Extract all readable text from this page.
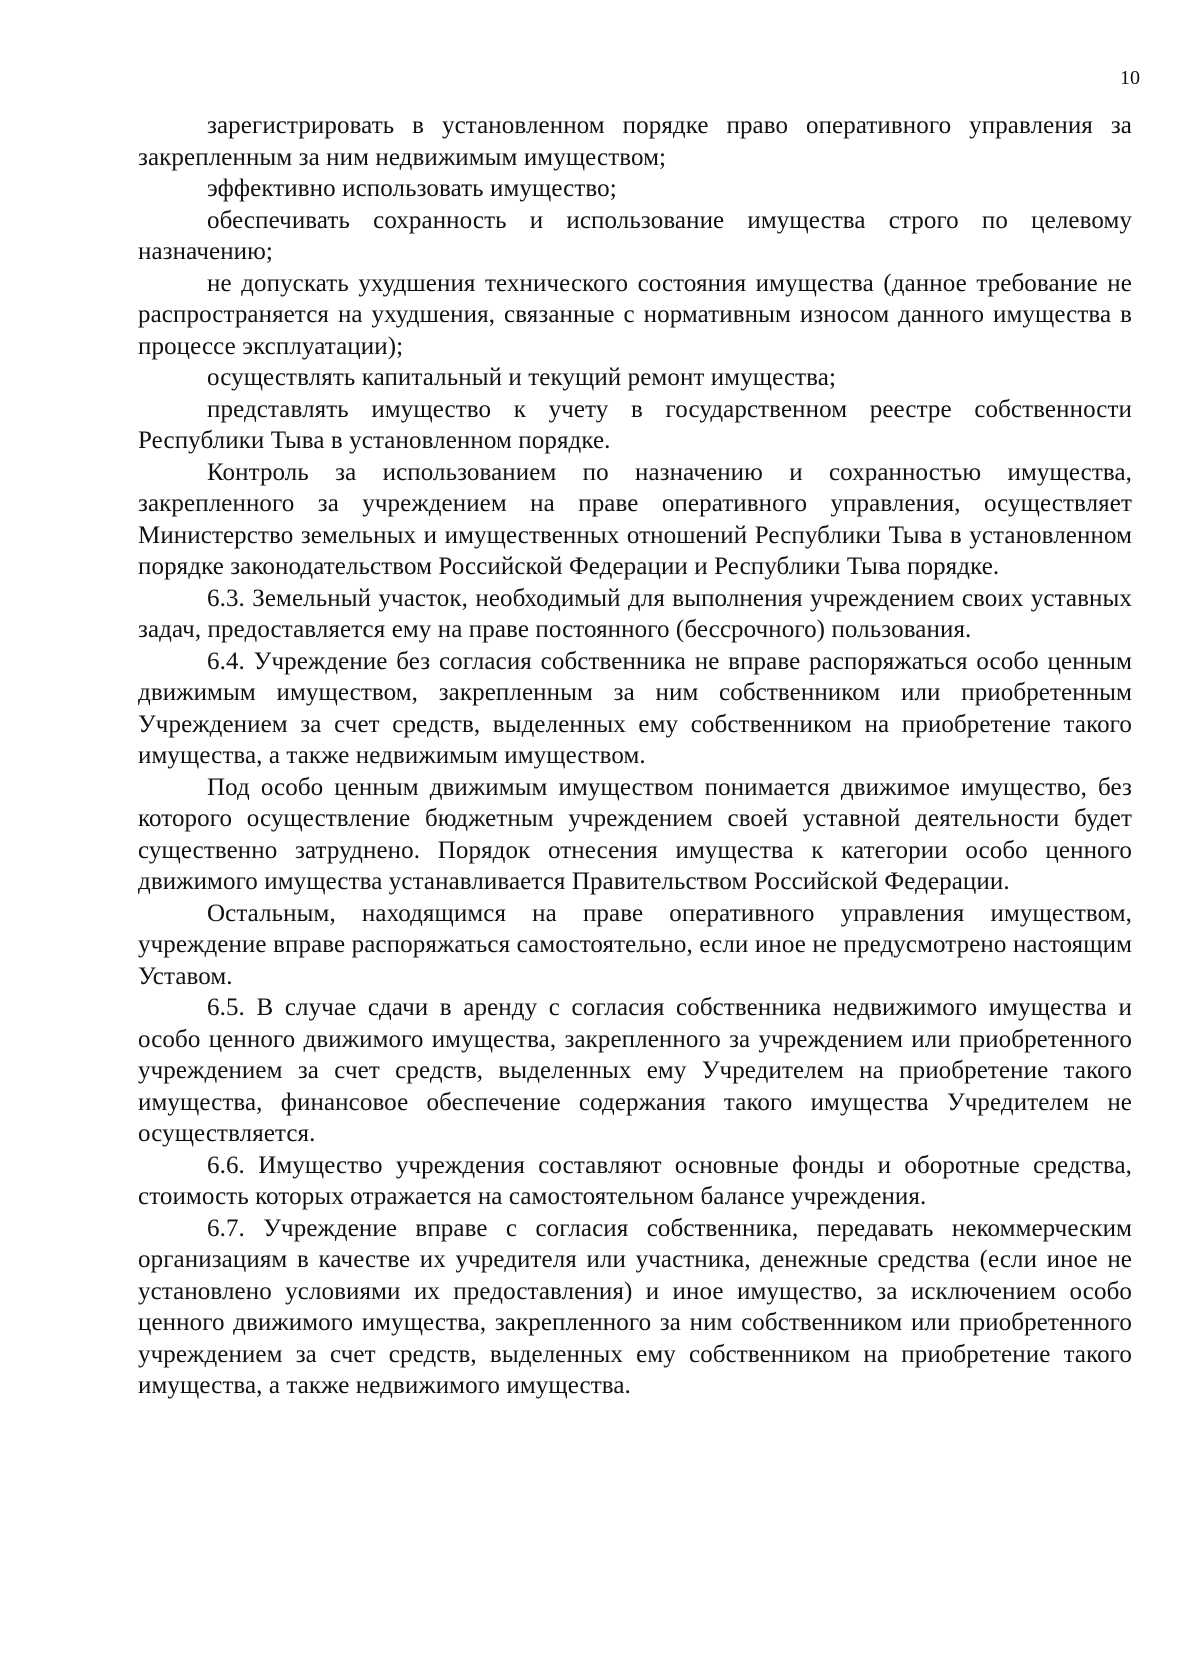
10

зарегистрировать в установленном порядке право оперативного управления за закрепленным за ним недвижимым имуществом;

эффективно использовать имущество;

обеспечивать сохранность и использование имущества строго по целевому назначению;

не допускать ухудшения технического состояния имущества (данное требование не распространяется на ухудшения, связанные с нормативным износом данного имущества в процессе эксплуатации);

осуществлять капитальный и текущий ремонт имущества;

представлять имущество к учету в государственном реестре собственности Республики Тыва в установленном порядке.

Контроль за использованием по назначению и сохранностью имущества, закрепленного за учреждением на праве оперативного управления, осуществляет Министерство земельных и имущественных отношений Республики Тыва в установленном порядке законодательством Российской Федерации и Республики Тыва порядке.

6.3. Земельный участок, необходимый для выполнения учреждением своих уставных задач, предоставляется ему на праве постоянного (бессрочного) пользования.

6.4. Учреждение без согласия собственника не вправе распоряжаться особо ценным движимым имуществом, закрепленным за ним собственником или приобретенным Учреждением за счет средств, выделенных ему собственником на приобретение такого имущества, а также недвижимым имуществом.

Под особо ценным движимым имуществом понимается движимое имущество, без которого осуществление бюджетным учреждением своей уставной деятельности будет существенно затруднено. Порядок отнесения имущества к категории особо ценного движимого имущества устанавливается Правительством Российской Федерации.

Остальным, находящимся на праве оперативного управления имуществом, учреждение вправе распоряжаться самостоятельно, если иное не предусмотрено настоящим Уставом.

6.5. В случае сдачи в аренду с согласия собственника недвижимого имущества и особо ценного движимого имущества, закрепленного за учреждением или приобретенного учреждением за счет средств, выделенных ему Учредителем на приобретение такого имущества, финансовое обеспечение содержания такого имущества Учредителем не осуществляется.

6.6. Имущество учреждения составляют основные фонды и оборотные средства, стоимость которых отражается на самостоятельном балансе учреждения.

6.7. Учреждение вправе с согласия собственника, передавать некоммерческим организациям в качестве их учредителя или участника, денежные средства (если иное не установлено условиями их предоставления) и иное имущество, за исключением особо ценного движимого имущества, закрепленного за ним собственником или приобретенного учреждением за счет средств, выделенных ему собственником на приобретение такого имущества, а также недвижимого имущества.
